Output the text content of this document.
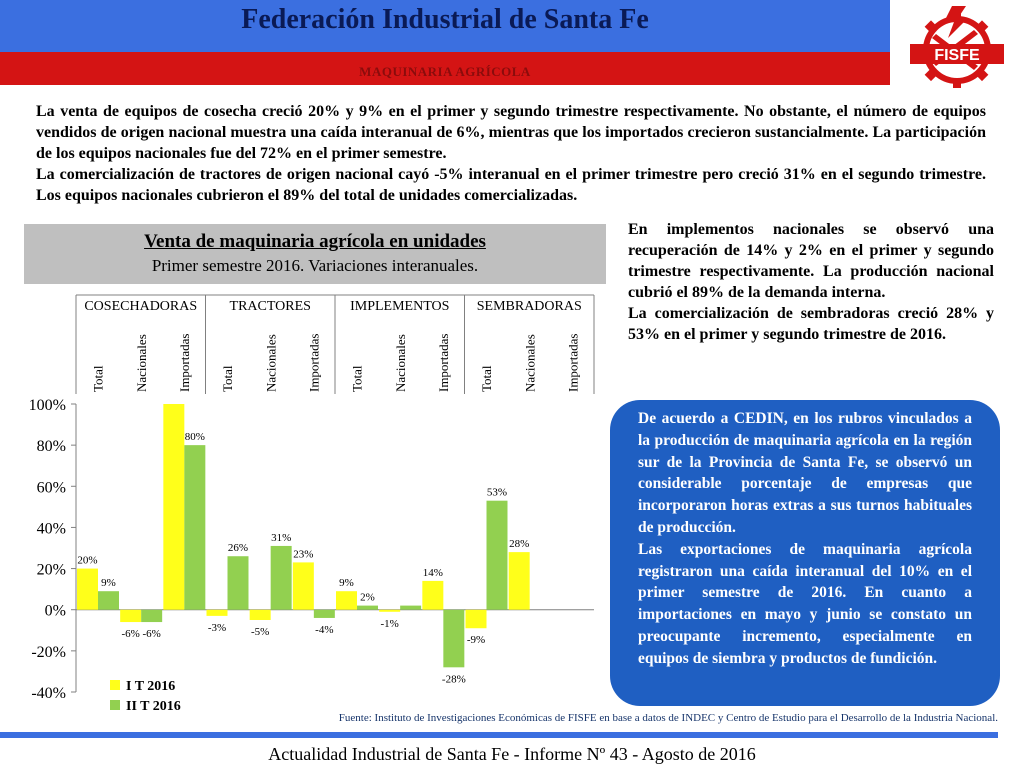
Federación Industrial de Santa Fe
MAQUINARIA AGRÍCOLA
FISFE
La venta de equipos de cosecha creció 20% y 9% en el primer y segundo trimestre respectivamente. No obstante, el número de equipos vendidos de origen nacional muestra una caída interanual de 6%, mientras que los importados crecieron sustancialmente. La participación de los equipos nacionales fue del 72% en el primer semestre.
La comercialización de tractores de origen nacional cayó -5% interanual en el primer trimestre pero creció 31% en el segundo trimestre. Los equipos nacionales cubrieron el 89% del total de unidades comercializadas.
Venta de maquinaria agrícola en unidades
Primer semestre 2016. Variaciones interanuales.
En implementos nacionales se observó una recuperación de 14% y 2% en el primer y segundo trimestre respectivamente. La producción nacional cubrió el 89% de la demanda interna.
La comercialización de sembradoras creció 28% y 53% en el primer y segundo trimestre de 2016.
De acuerdo a CEDIN, en los rubros vinculados a la producción de maquinaria agrícola en la región sur de la Provincia de Santa Fe, se observó un considerable porcentaje de empresas que incorporaron horas extras a sus turnos habituales de producción.
Las exportaciones de maquinaria agrícola registraron una caída interanual del 10% en el primer semestre de 2016. En cuanto a importaciones en mayo y junio se constato un preocupante incremento, especialmente en equipos de siembra y productos de fundición.
100%
80%
60%
40%
20%
0%
-20%
-40%
COSECHADORAS TRACTORES	IMPLEMENTOS SEMBRADORAS
Total Nacionales Importadas Total Nacionales Importadas Total Nacionales Importadas Total Nacionales Importadas
20%
-6%
-3% -5%
23%
9%
-1%
14%
-9%
28%
9%
-6%
80%
26%
31%
-4%
2%
-28%
53%
I T 2016
II T 2016
Fuente: Instituto de Investigaciones Económicas de FISFE en base a datos de INDEC y Centro de Estudio para el Desarrollo de la Industria Nacional.
Actualidad Industrial de Santa Fe - Informe Nº 43 - Agosto de 2016
